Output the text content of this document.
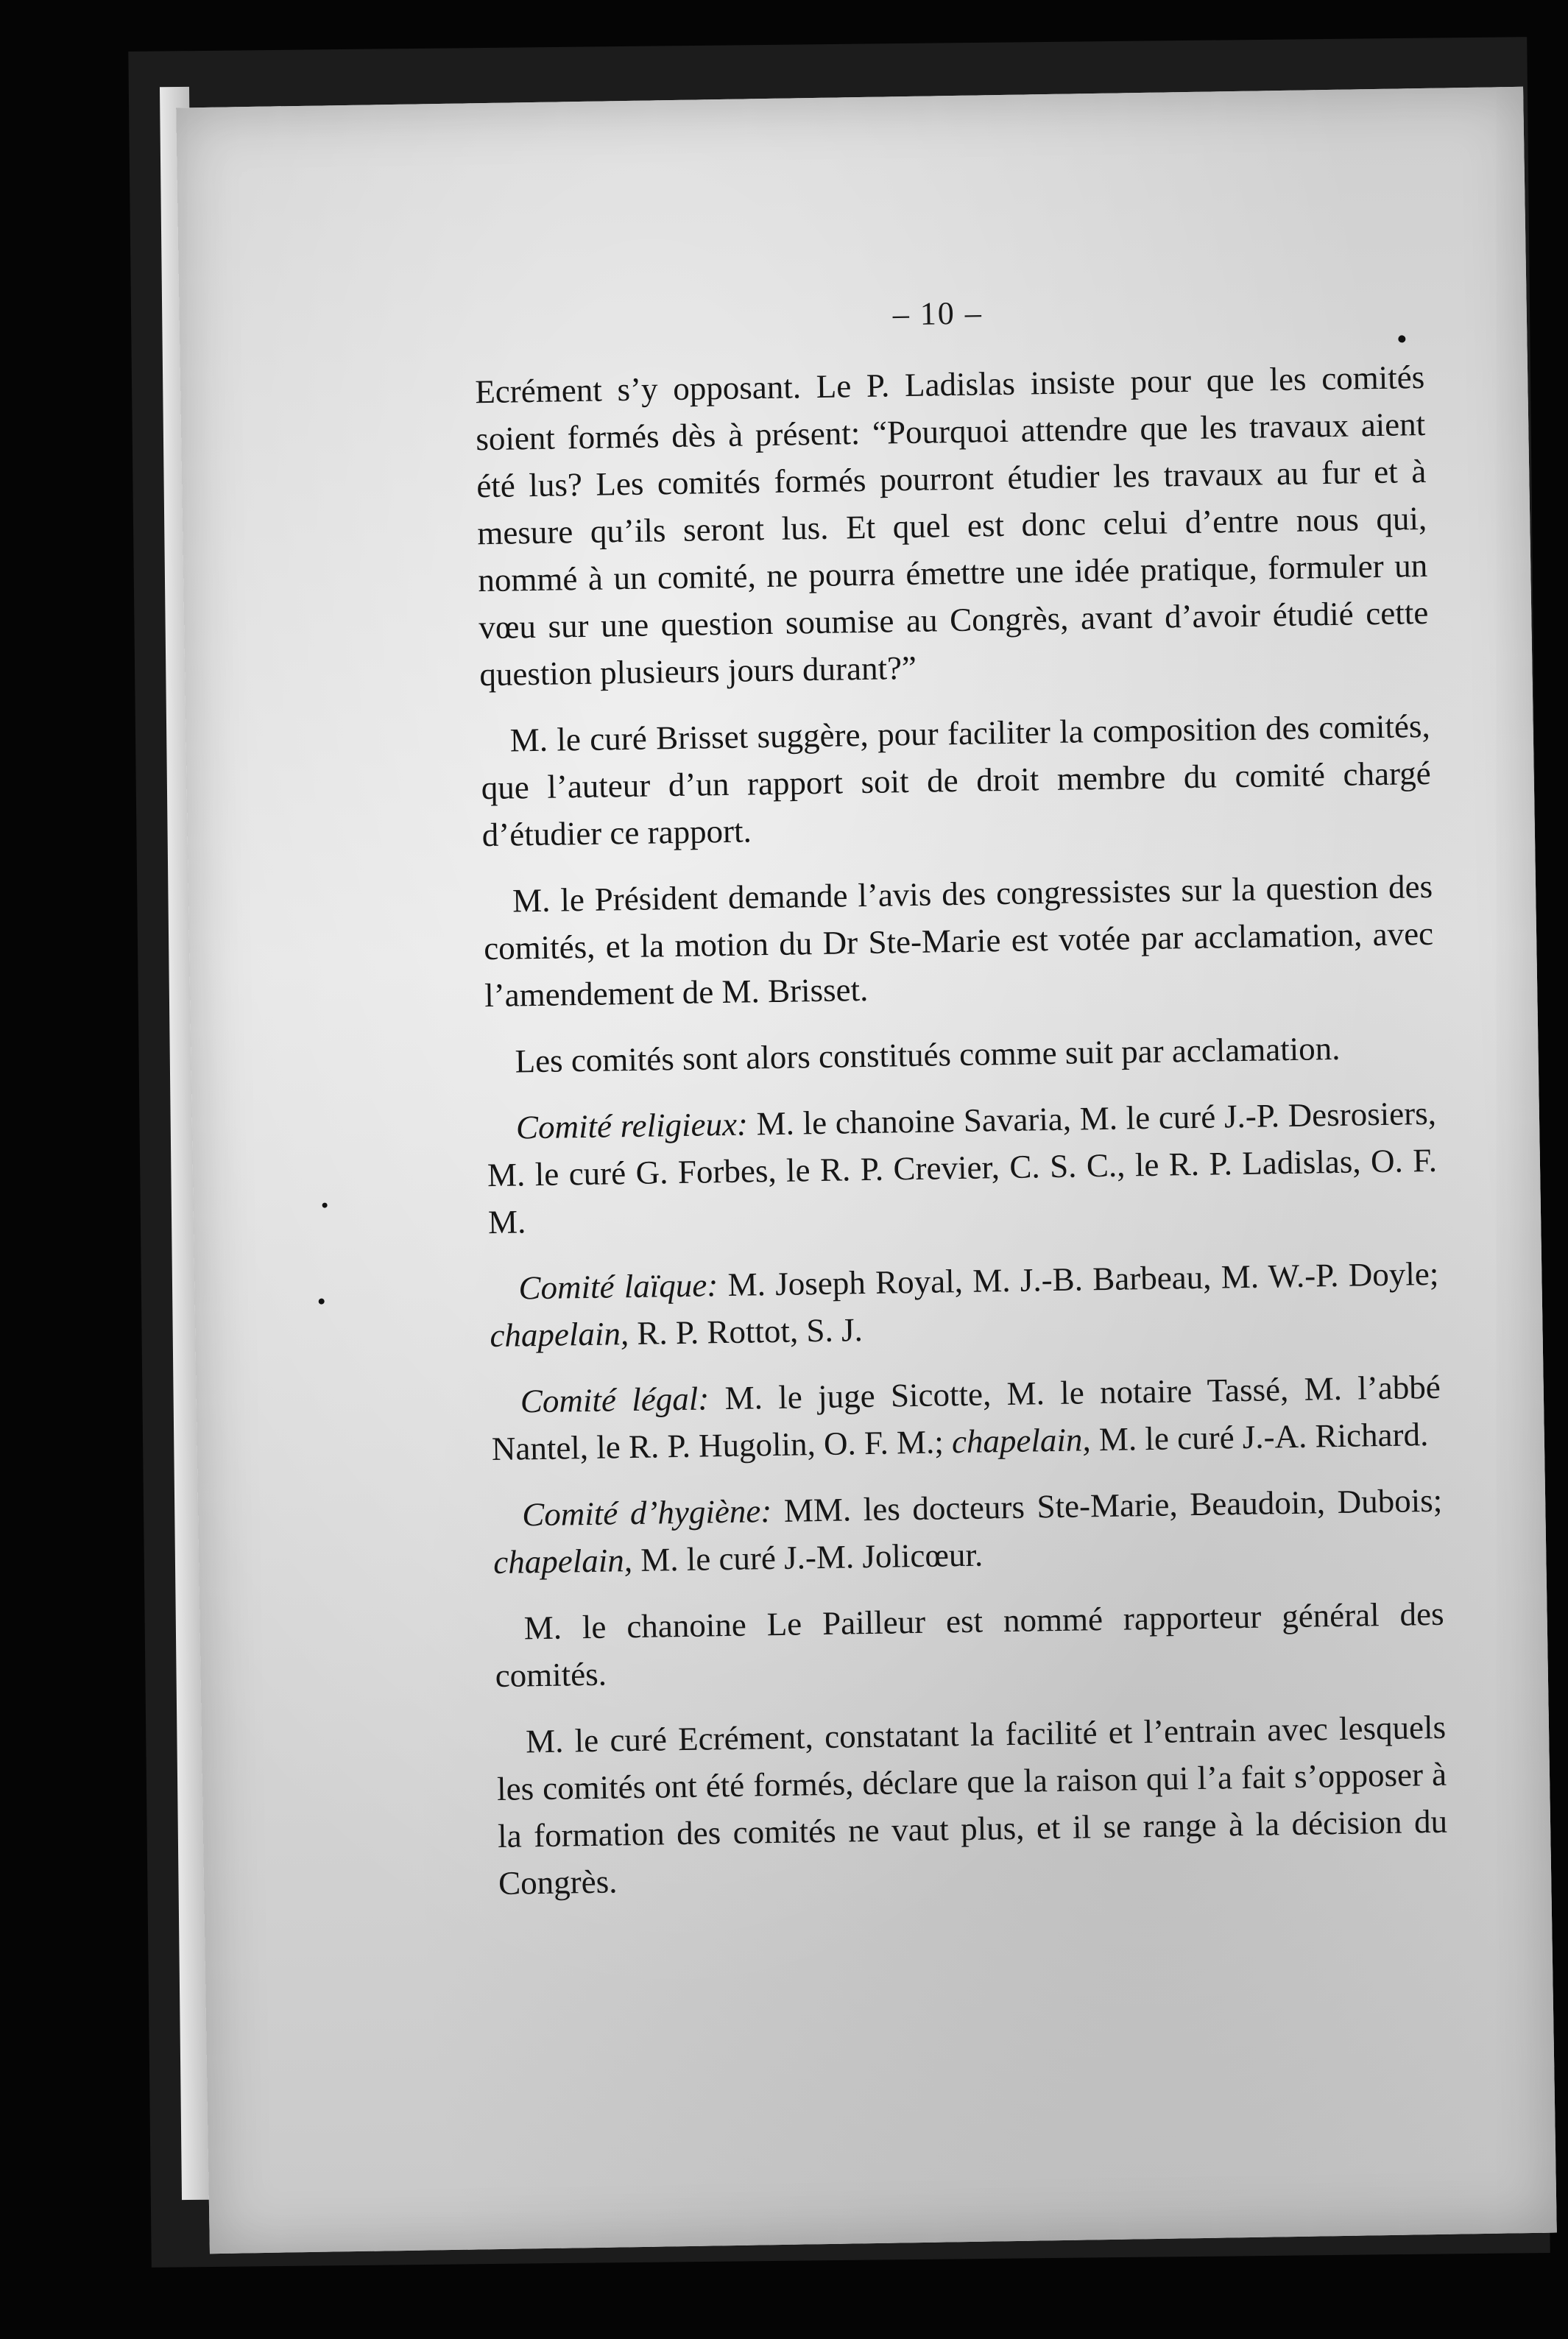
– 10 –

Ecrément s’y opposant. Le P. Ladislas insiste pour que les comités soient formés dès à présent: “Pourquoi attendre que les travaux aient été lus? Les comités formés pourront étudier les travaux au fur et à mesure qu’ils seront lus. Et quel est donc celui d’entre nous qui, nommé à un comité, ne pourra émettre une idée pratique, formuler un vœu sur une question soumise au Congrès, avant d’avoir étudié cette question plusieurs jours durant?”

M. le curé Brisset suggère, pour faciliter la composition des comités, que l’auteur d’un rapport soit de droit membre du comité chargé d’étudier ce rapport.

M. le Président demande l’avis des congressistes sur la question des comités, et la motion du Dr Ste-Marie est votée par acclamation, avec l’amendement de M. Brisset.

Les comités sont alors constitués comme suit par acclamation.

Comité religieux: M. le chanoine Savaria, M. le curé J.-P. Desrosiers, M. le curé G. Forbes, le R. P. Crevier, C. S. C., le R. P. Ladislas, O. F. M.

Comité laïque: M. Joseph Royal, M. J.-B. Barbeau, M. W.-P. Doyle; chapelain, R. P. Rottot, S. J.

Comité légal: M. le juge Sicotte, M. le notaire Tassé, M. l’abbé Nantel, le R. P. Hugolin, O. F. M.; chapelain, M. le curé J.-A. Richard.

Comité d’hygiène: MM. les docteurs Ste-Marie, Beaudoin, Dubois; chapelain, M. le curé J.-M. Jolicœur.

M. le chanoine Le Pailleur est nommé rapporteur général des comités.

M. le curé Ecrément, constatant la facilité et l’entrain avec lesquels les comités ont été formés, déclare que la raison qui l’a fait s’opposer à la formation des comités ne vaut plus, et il se range à la décision du Congrès.
